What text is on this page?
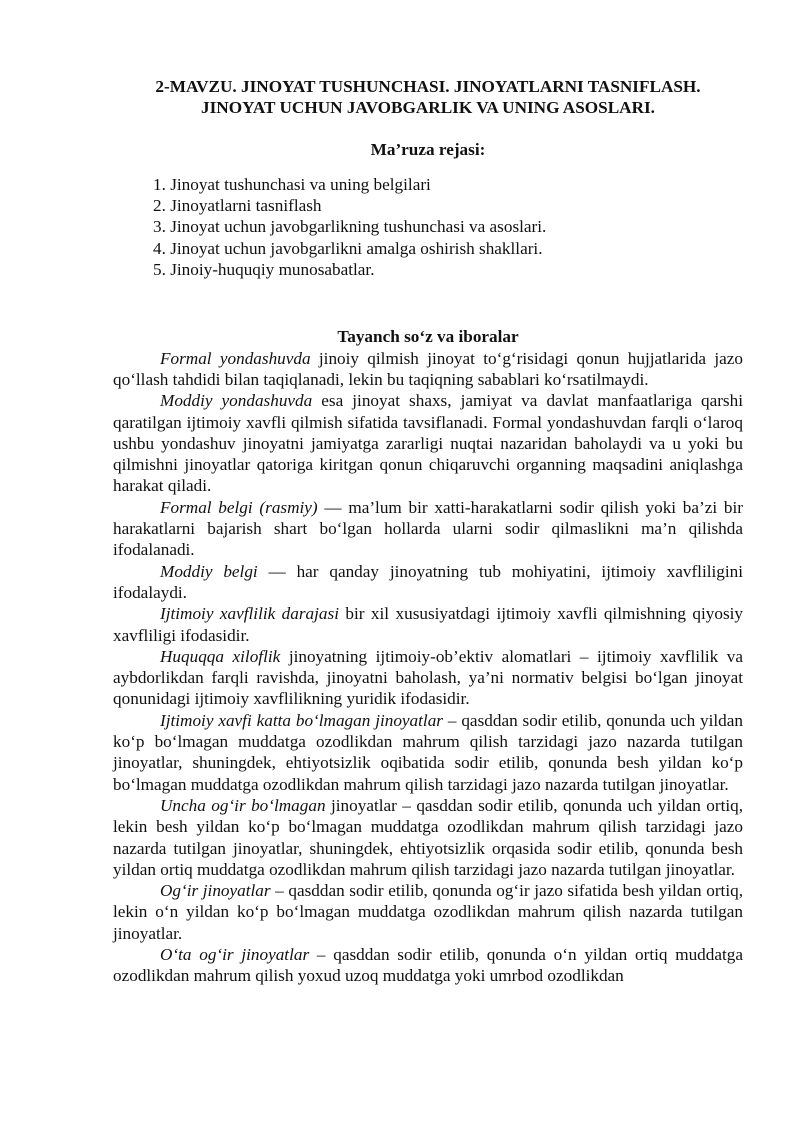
2-MAVZU. JINOYAT TUSHUNCHASI. JINOYATLARNI TASNIFLASH.

JINOYAT UCHUN JAVOBGARLIK VA UNING ASOSLARI.

Ma’ruza rejasi:

1. Jinoyat tushunchasi va uning belgilari
2. Jinoyatlarni tasniflash
3. Jinoyat uchun javobgarlikning tushunchasi va asoslari.
4. Jinoyat uchun javobgarlikni amalga oshirish shakllari.
5. Jinoiy-huquqiy munosabatlar.

Tayanch so‘z va iboralar

Formal yondashuvda jinoiy qilmish jinoyat to‘g‘risidagi qonun hujjatlarida jazo qo‘llash tahdidi bilan taqiqlanadi, lekin bu taqiqning sabablari ko‘rsatilmaydi.

Moddiy yondashuvda esa jinoyat shaxs, jamiyat va davlat manfaatlariga qarshi qaratilgan ijtimoiy xavfli qilmish sifatida tavsiflanadi. Formal yondashuvdan farqli o‘laroq ushbu yondashuv jinoyatni jamiyatga zararligi nuqtai nazaridan baholaydi va u yoki bu qilmishni jinoyatlar qatoriga kiritgan qonun chiqaruvchi organning maqsadini aniqlashga harakat qiladi.

Formal belgi (rasmiy) — ma’lum bir xatti-harakatlarni sodir qilish yoki ba’zi bir harakatlarni bajarish shart bo‘lgan hollarda ularni sodir qilmaslikni ma’n qilishda ifodalanadi.

Moddiy belgi — har qanday jinoyatning tub mohiyatini, ijtimoiy xavfliligini ifodalaydi.

Ijtimoiy xavflilik darajasi bir xil xususiyatdagi ijtimoiy xavfli qilmishning qiyosiy xavfliligi ifodasidir.

Huquqqa xiloflik jinoyatning ijtimoiy-ob’ektiv alomatlari – ijtimoiy xavflilik va aybdorlikdan farqli ravishda, jinoyatni baholash, ya’ni normativ belgisi bo‘lgan jinoyat qonunidagi ijtimoiy xavflilikning yuridik ifodasidir.

Ijtimoiy xavfi katta bo‘lmagan jinoyatlar – qasddan sodir etilib, qonunda uch yildan ko‘p bo‘lmagan muddatga ozodlikdan mahrum qilish tarzidagi jazo nazarda tutilgan jinoyatlar, shuningdek, ehtiyotsizlik oqibatida sodir etilib, qonunda besh yildan ko‘p bo‘lmagan muddatga ozodlikdan mahrum qilish tarzidagi jazo nazarda tutilgan jinoyatlar.

Uncha og‘ir bo‘lmagan jinoyatlar – qasddan sodir etilib, qonunda uch yildan ortiq, lekin besh yildan ko‘p bo‘lmagan muddatga ozodlikdan mahrum qilish tarzidagi jazo nazarda tutilgan jinoyatlar, shuningdek, ehtiyotsizlik orqasida sodir etilib, qonunda besh yildan ortiq muddatga ozodlikdan mahrum qilish tarzidagi jazo nazarda tutilgan jinoyatlar.

Og‘ir jinoyatlar – qasddan sodir etilib, qonunda og‘ir jazo sifatida besh yildan ortiq, lekin o‘n yildan ko‘p bo‘lmagan muddatga ozodlikdan mahrum qilish nazarda tutilgan jinoyatlar.

O‘ta og‘ir jinoyatlar – qasddan sodir etilib, qonunda o‘n yildan ortiq muddatga ozodlikdan mahrum qilish yoxud uzoq muddatga yoki umrbod ozodlikdan
